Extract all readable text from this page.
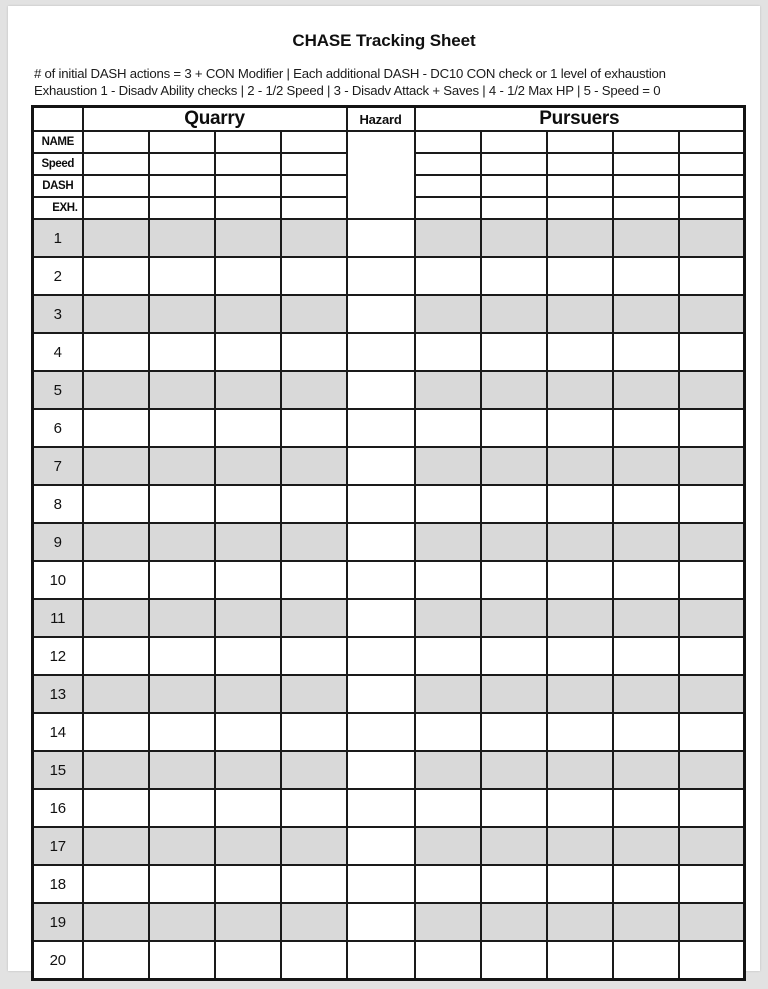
CHASE Tracking Sheet
# of initial DASH actions = 3 + CON Modifier | Each additional DASH - DC10 CON check or 1 level of exhaustion
Exhaustion 1 - Disadv Ability checks | 2 - 1/2 Speed | 3 - Disadv Attack + Saves | 4 - 1/2 Max HP | 5 - Speed = 0
	Quarry				Hazard	Pursuers				
NAME										
Speed										
DASH										
EXH.										
1										
2										
3										
4										
5										
6										
7										
8										
9										
10										
11										
12										
13										
14										
15										
16										
17										
18										
19										
20										
